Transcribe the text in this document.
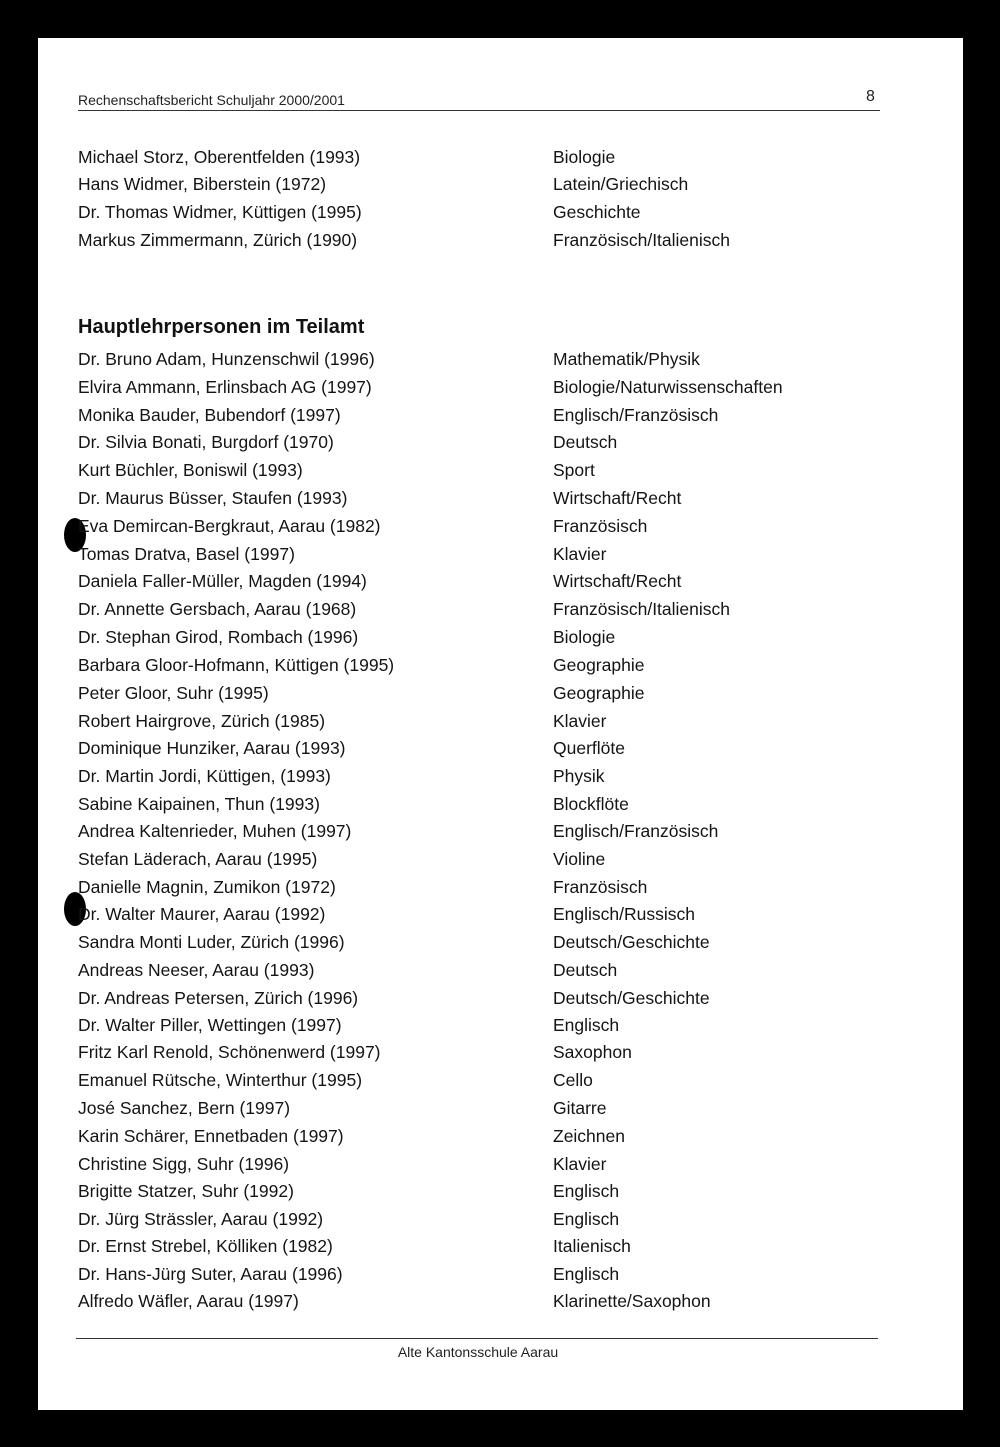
Rechenschaftsbericht Schuljahr 2000/2001	8
Michael Storz, Oberentfelden (1993)	Biologie
Hans Widmer, Biberstein (1972)	Latein/Griechisch
Dr. Thomas Widmer, Küttigen (1995)	Geschichte
Markus Zimmermann, Zürich (1990)	Französisch/Italienisch
Hauptlehrpersonen im Teilamt
Dr. Bruno Adam, Hunzenschwil (1996)	Mathematik/Physik
Elvira Ammann, Erlinsbach AG (1997)	Biologie/Naturwissenschaften
Monika Bauder, Bubendorf (1997)	Englisch/Französisch
Dr. Silvia Bonati, Burgdorf (1970)	Deutsch
Kurt Büchler, Boniswil (1993)	Sport
Dr. Maurus Büsser, Staufen (1993)	Wirtschaft/Recht
Eva Demircan-Bergkraut, Aarau (1982)	Französisch
Tomas Dratva, Basel (1997)	Klavier
Daniela Faller-Müller, Magden (1994)	Wirtschaft/Recht
Dr. Annette Gersbach, Aarau (1968)	Französisch/Italienisch
Dr. Stephan Girod, Rombach (1996)	Biologie
Barbara Gloor-Hofmann, Küttigen (1995)	Geographie
Peter Gloor, Suhr (1995)	Geographie
Robert Hairgrove, Zürich (1985)	Klavier
Dominique Hunziker, Aarau (1993)	Querflöte
Dr. Martin Jordi, Küttigen, (1993)	Physik
Sabine Kaipainen, Thun (1993)	Blockflöte
Andrea Kaltenrieder, Muhen (1997)	Englisch/Französisch
Stefan Läderach, Aarau (1995)	Violine
Danielle Magnin, Zumikon (1972)	Französisch
Dr. Walter Maurer, Aarau (1992)	Englisch/Russisch
Sandra Monti Luder, Zürich (1996)	Deutsch/Geschichte
Andreas Neeser, Aarau (1993)	Deutsch
Dr. Andreas Petersen, Zürich (1996)	Deutsch/Geschichte
Dr. Walter Piller, Wettingen (1997)	Englisch
Fritz Karl Renold, Schönenwerd (1997)	Saxophon
Emanuel Rütsche, Winterthur (1995)	Cello
José Sanchez, Bern (1997)	Gitarre
Karin Schärer, Ennetbaden (1997)	Zeichnen
Christine Sigg, Suhr (1996)	Klavier
Brigitte Statzer, Suhr (1992)	Englisch
Dr. Jürg Strässler, Aarau (1992)	Englisch
Dr. Ernst Strebel, Kölliken (1982)	Italienisch
Dr. Hans-Jürg Suter, Aarau (1996)	Englisch
Alfredo Wäfler, Aarau (1997)	Klarinette/Saxophon
Alte Kantonsschule Aarau
